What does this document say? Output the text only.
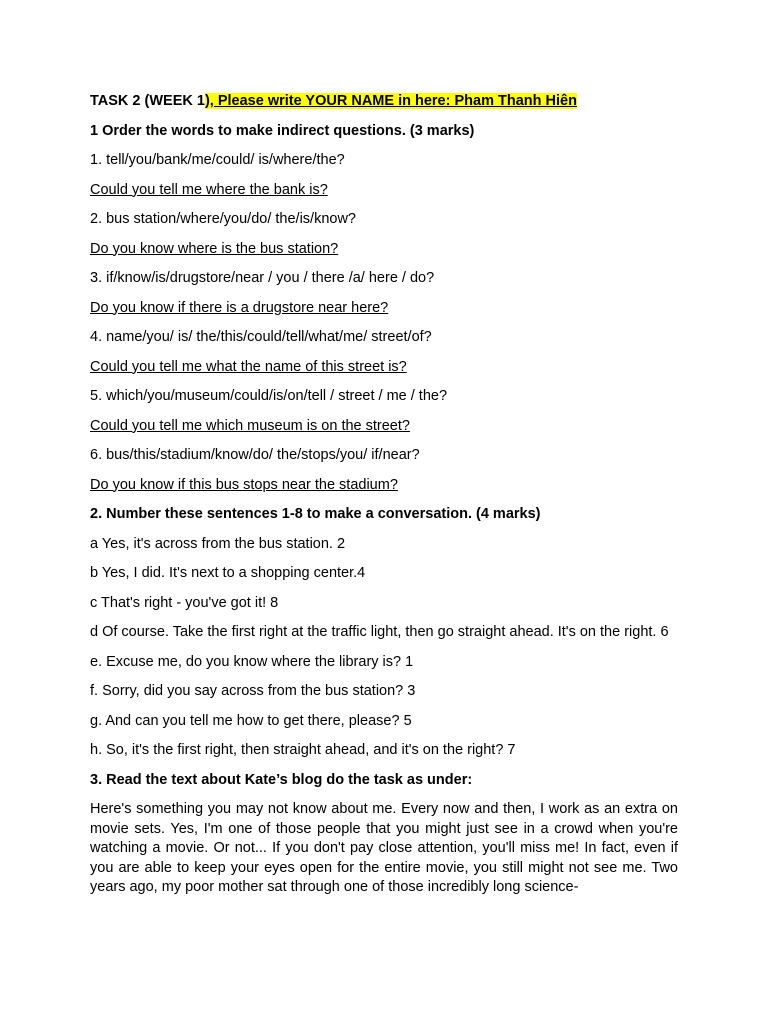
TASK 2 (WEEK 1), Please write YOUR NAME in here: Pham Thanh Hiên
1 Order the words to make indirect questions. (3 marks)
1. tell/you/bank/me/could/ is/where/the?
Could you tell me where the bank is?
2. bus station/where/you/do/ the/is/know?
Do you know where is the bus station?
3. if/know/is/drugstore/near / you / there /a/ here / do?
Do you know if there is a drugstore near here?
4. name/you/ is/ the/this/could/tell/what/me/ street/of?
Could you tell me what the name of this street is?
5. which/you/museum/could/is/on/tell / street / me / the?
Could you tell me which museum is on the street?
6. bus/this/stadium/know/do/ the/stops/you/ if/near?
Do you know if this bus stops near the stadium?
2. Number these sentences 1-8 to make a conversation. (4 marks)
a Yes, it's across from the bus station. 2
b Yes, I did. It's next to a shopping center.4
c That's right - you've got it! 8
d Of course. Take the first right at the traffic light, then go straight ahead. It's on the right. 6
e. Excuse me, do you know where the library is? 1
f. Sorry, did you say across from the bus station? 3
g. And can you tell me how to get there, please? 5
h. So, it's the first right, then straight ahead, and it's on the right? 7
3. Read the text about Kate’s blog do the task as under:
Here's something you may not know about me. Every now and then, I work as an extra on movie sets. Yes, I'm one of those people that you might just see in a crowd when you're watching a movie. Or not... If you don't pay close attention, you'll miss me! In fact, even if you are able to keep your eyes open for the entire movie, you still might not see me. Two years ago, my poor mother sat through one of those incredibly long science-
